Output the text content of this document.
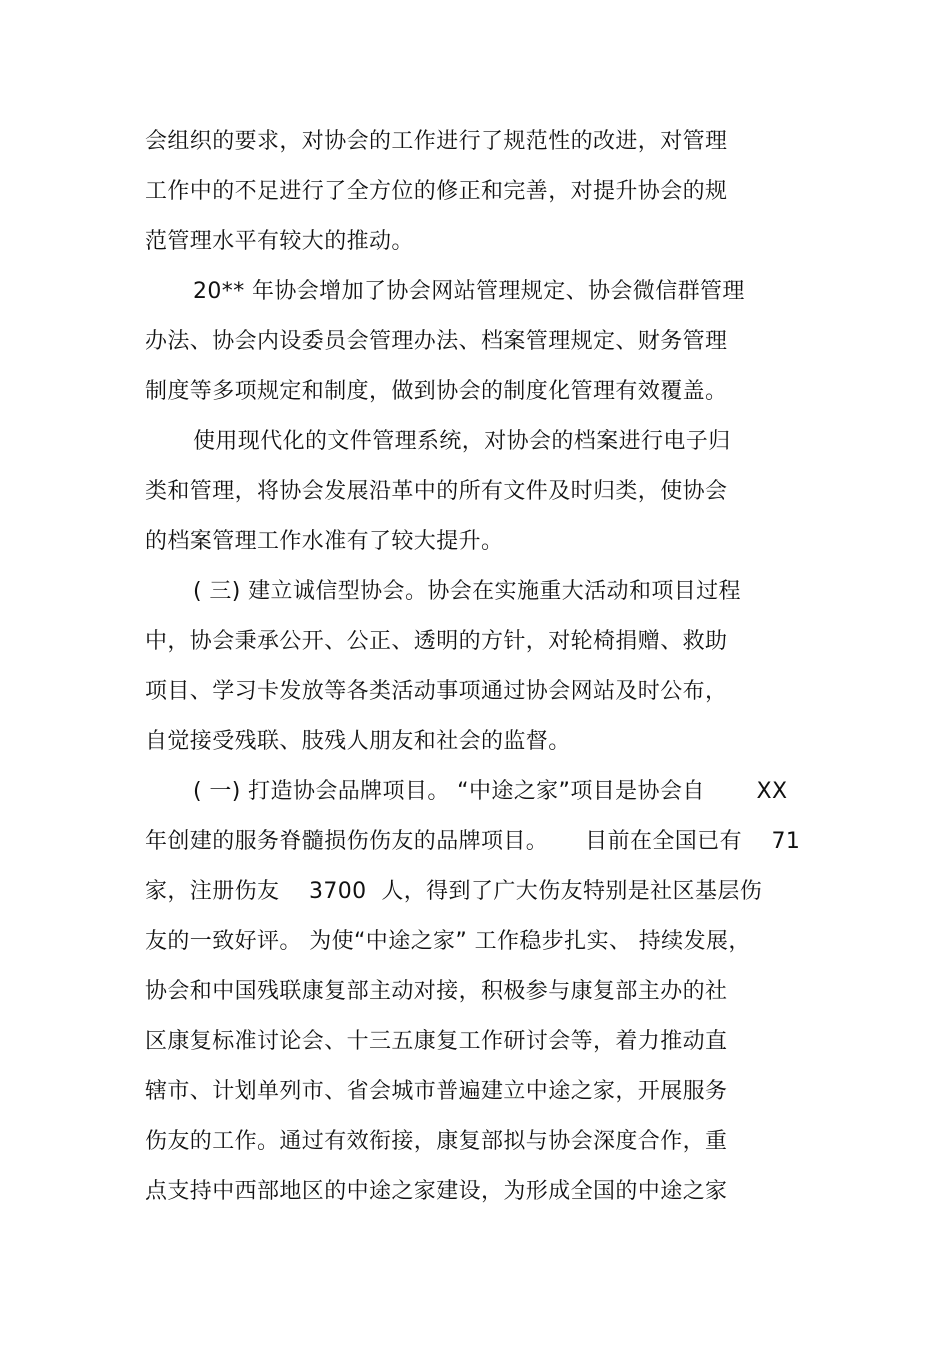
会组织的要求，对协会的工作进行了规范性的改进，对管理
工作中的不足进行了全方位的修正和完善，对提升协会的规
范管理水平有较大的推动。
20** 年协会增加了协会网站管理规定、协会微信群管理
办法、协会内设委员会管理办法、档案管理规定、财务管理
制度等多项规定和制度，做到协会的制度化管理有效覆盖。
使用现代化的文件管理系统，对协会的档案进行电子归
类和管理，将协会发展沿革中的所有文件及时归类，使协会
的档案管理工作水准有了较大提升。
( 三) 建立诚信型协会。协会在实施重大活动和项目过程
中，协会秉承公开、公正、透明的方针，对轮椅捐赠、救助
项目、学习卡发放等各类活动事项通过协会网站及时公布，
自觉接受残联、肢残人朋友和社会的监督。
( 一) 打造协会品牌项目。 “中途之家”项目是协会自       XX
年创建的服务脊髓损伤伤友的品牌项目。     目前在全国已有    71
家，注册伤友    3700  人，得到了广大伤友特别是社区基层伤
友的一致好评。 为使“中途之家” 工作稳步扎实、 持续发展，
协会和中国残联康复部主动对接，积极参与康复部主办的社
区康复标准讨论会、十三五康复工作研讨会等，着力推动直
辖市、计划单列市、省会城市普遍建立中途之家，开展服务
伤友的工作。通过有效衔接，康复部拟与协会深度合作，重
点支持中西部地区的中途之家建设，为形成全国的中途之家
